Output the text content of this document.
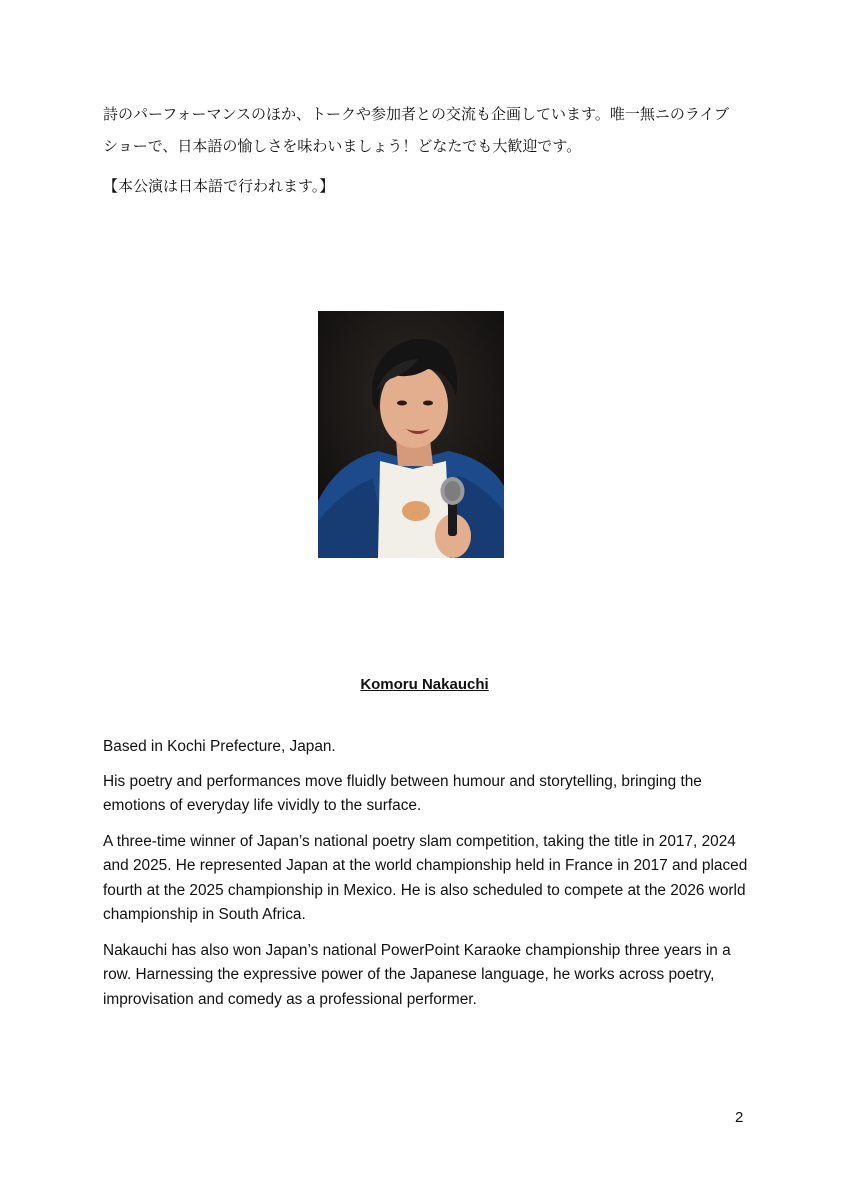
詩のパーフォーマンスのほか、トークや参加者との交流も企画しています。唯一無ニのライブ
ショーで、日本語の愉しさを味わいましょう！どなたでも大歓迎です。
【本公演は日本語で行われます。】
Komoru Nakauchi

Based in Kochi Prefecture, Japan.

His poetry and performances move fluidly between humour and storytelling, bringing the emotions of everyday life vividly to the surface.

A three-time winner of Japan’s national poetry slam competition, taking the title in 2017, 2024 and 2025. He represented Japan at the world championship held in France in 2017 and placed fourth at the 2025 championship in Mexico. He is also scheduled to compete at the 2026 world championship in South Africa.

Nakauchi has also won Japan’s national PowerPoint Karaoke championship three years in a row. Harnessing the expressive power of the Japanese language, he works across poetry, improvisation and comedy as a professional performer.

2
